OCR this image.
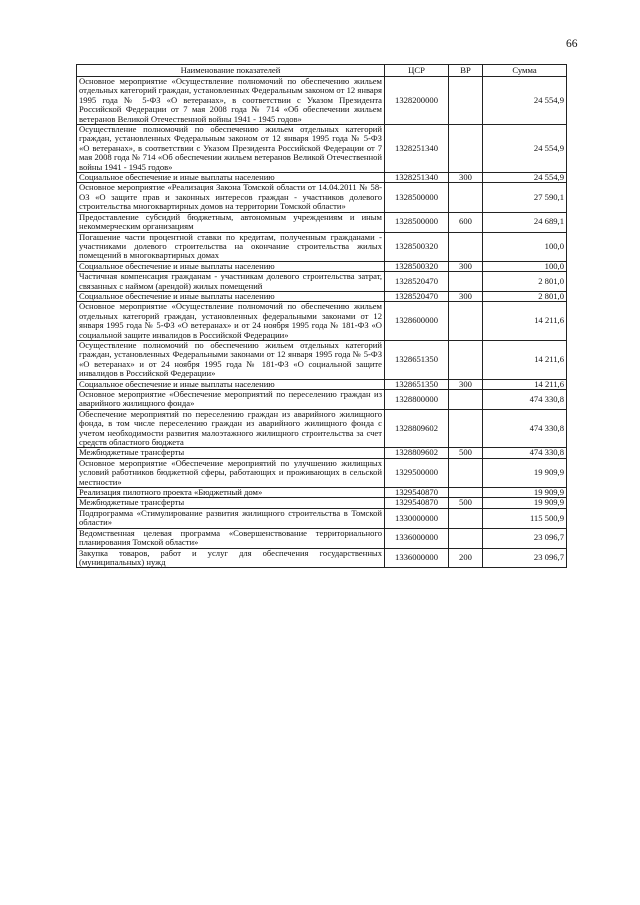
66
Наименование показателей	ЦСР	ВР	Сумма
Основное мероприятие «Осуществление полномочий по обеспечению жильем отдельных категорий граждан, установленных Федеральным законом от 12 января 1995 года № 5-ФЗ «О ветеранах», в соответствии с Указом Президента Российской Федерации от 7 мая 2008 года № 714 «Об обеспечении жильем ветеранов Великой Отечественной войны 1941 - 1945 годов»	1328200000		24 554,9
Осуществление полномочий по обеспечению жильем отдельных категорий граждан, установленных Федеральным законом от 12 января 1995 года № 5-ФЗ «О ветеранах», в соответствии с Указом Президента Российской Федерации от 7 мая 2008 года № 714 «Об обеспечении жильем ветеранов Великой Отечественной войны 1941 - 1945 годов»	1328251340		24 554,9
Социальное обеспечение и иные выплаты населению	1328251340	300	24 554,9
Основное мероприятие «Реализация Закона Томской области от 14.04.2011 № 58-ОЗ «О защите прав и законных интересов граждан - участников долевого строительства многоквартирных домов на территории Томской области»	1328500000		27 590,1
Предоставление субсидий бюджетным, автономным учреждениям и иным некоммерческим организациям	1328500000	600	24 689,1
Погашение части процентной ставки по кредитам, полученным гражданами - участниками долевого строительства на окончание строительства жилых помещений в многоквартирных домах	1328500320		100,0
Социальное обеспечение и иные выплаты населению	1328500320	300	100,0
Частичная компенсация гражданам - участникам долевого строительства затрат, связанных с наймом (арендой) жилых помещений	1328520470		2 801,0
Социальное обеспечение и иные выплаты населению	1328520470	300	2 801,0
Основное мероприятие «Осуществление полномочий по обеспечению жильем отдельных категорий граждан, установленных федеральными законами от 12 января 1995 года № 5-ФЗ «О ветеранах» и от 24 ноября 1995 года № 181-ФЗ «О социальной защите инвалидов в Российской Федерации»	1328600000		14 211,6
Осуществление полномочий по обеспечению жильем отдельных категорий граждан, установленных Федеральными законами от 12 января 1995 года № 5-ФЗ «О ветеранах» и от 24 ноября 1995 года № 181-ФЗ «О социальной защите инвалидов в Российской Федерации»	1328651350		14 211,6
Социальное обеспечение и иные выплаты населению	1328651350	300	14 211,6
Основное мероприятие «Обеспечение мероприятий по переселению граждан из аварийного жилищного фонда»	1328800000		474 330,8
Обеспечение мероприятий по переселению граждан из аварийного жилищного фонда, в том числе переселению граждан из аварийного жилищного фонда с учетом необходимости развития малоэтажного жилищного строительства за счет средств областного бюджета	1328809602		474 330,8
Межбюджетные трансферты	1328809602	500	474 330,8
Основное мероприятие «Обеспечение мероприятий по улучшению жилищных условий работников бюджетной сферы, работающих и проживающих в сельской местности»	1329500000		19 909,9
Реализация пилотного проекта «Бюджетный дом»	1329540870		19 909,9
Межбюджетные трансферты	1329540870	500	19 909,9
Подпрограмма «Стимулирование развития жилищного строительства в Томской области»	1330000000		115 500,9
Ведомственная целевая программа «Совершенствование территориального планирования Томской области»	1336000000		23 096,7
Закупка товаров, работ и услуг для обеспечения государственных (муниципальных) нужд	1336000000	200	23 096,7
